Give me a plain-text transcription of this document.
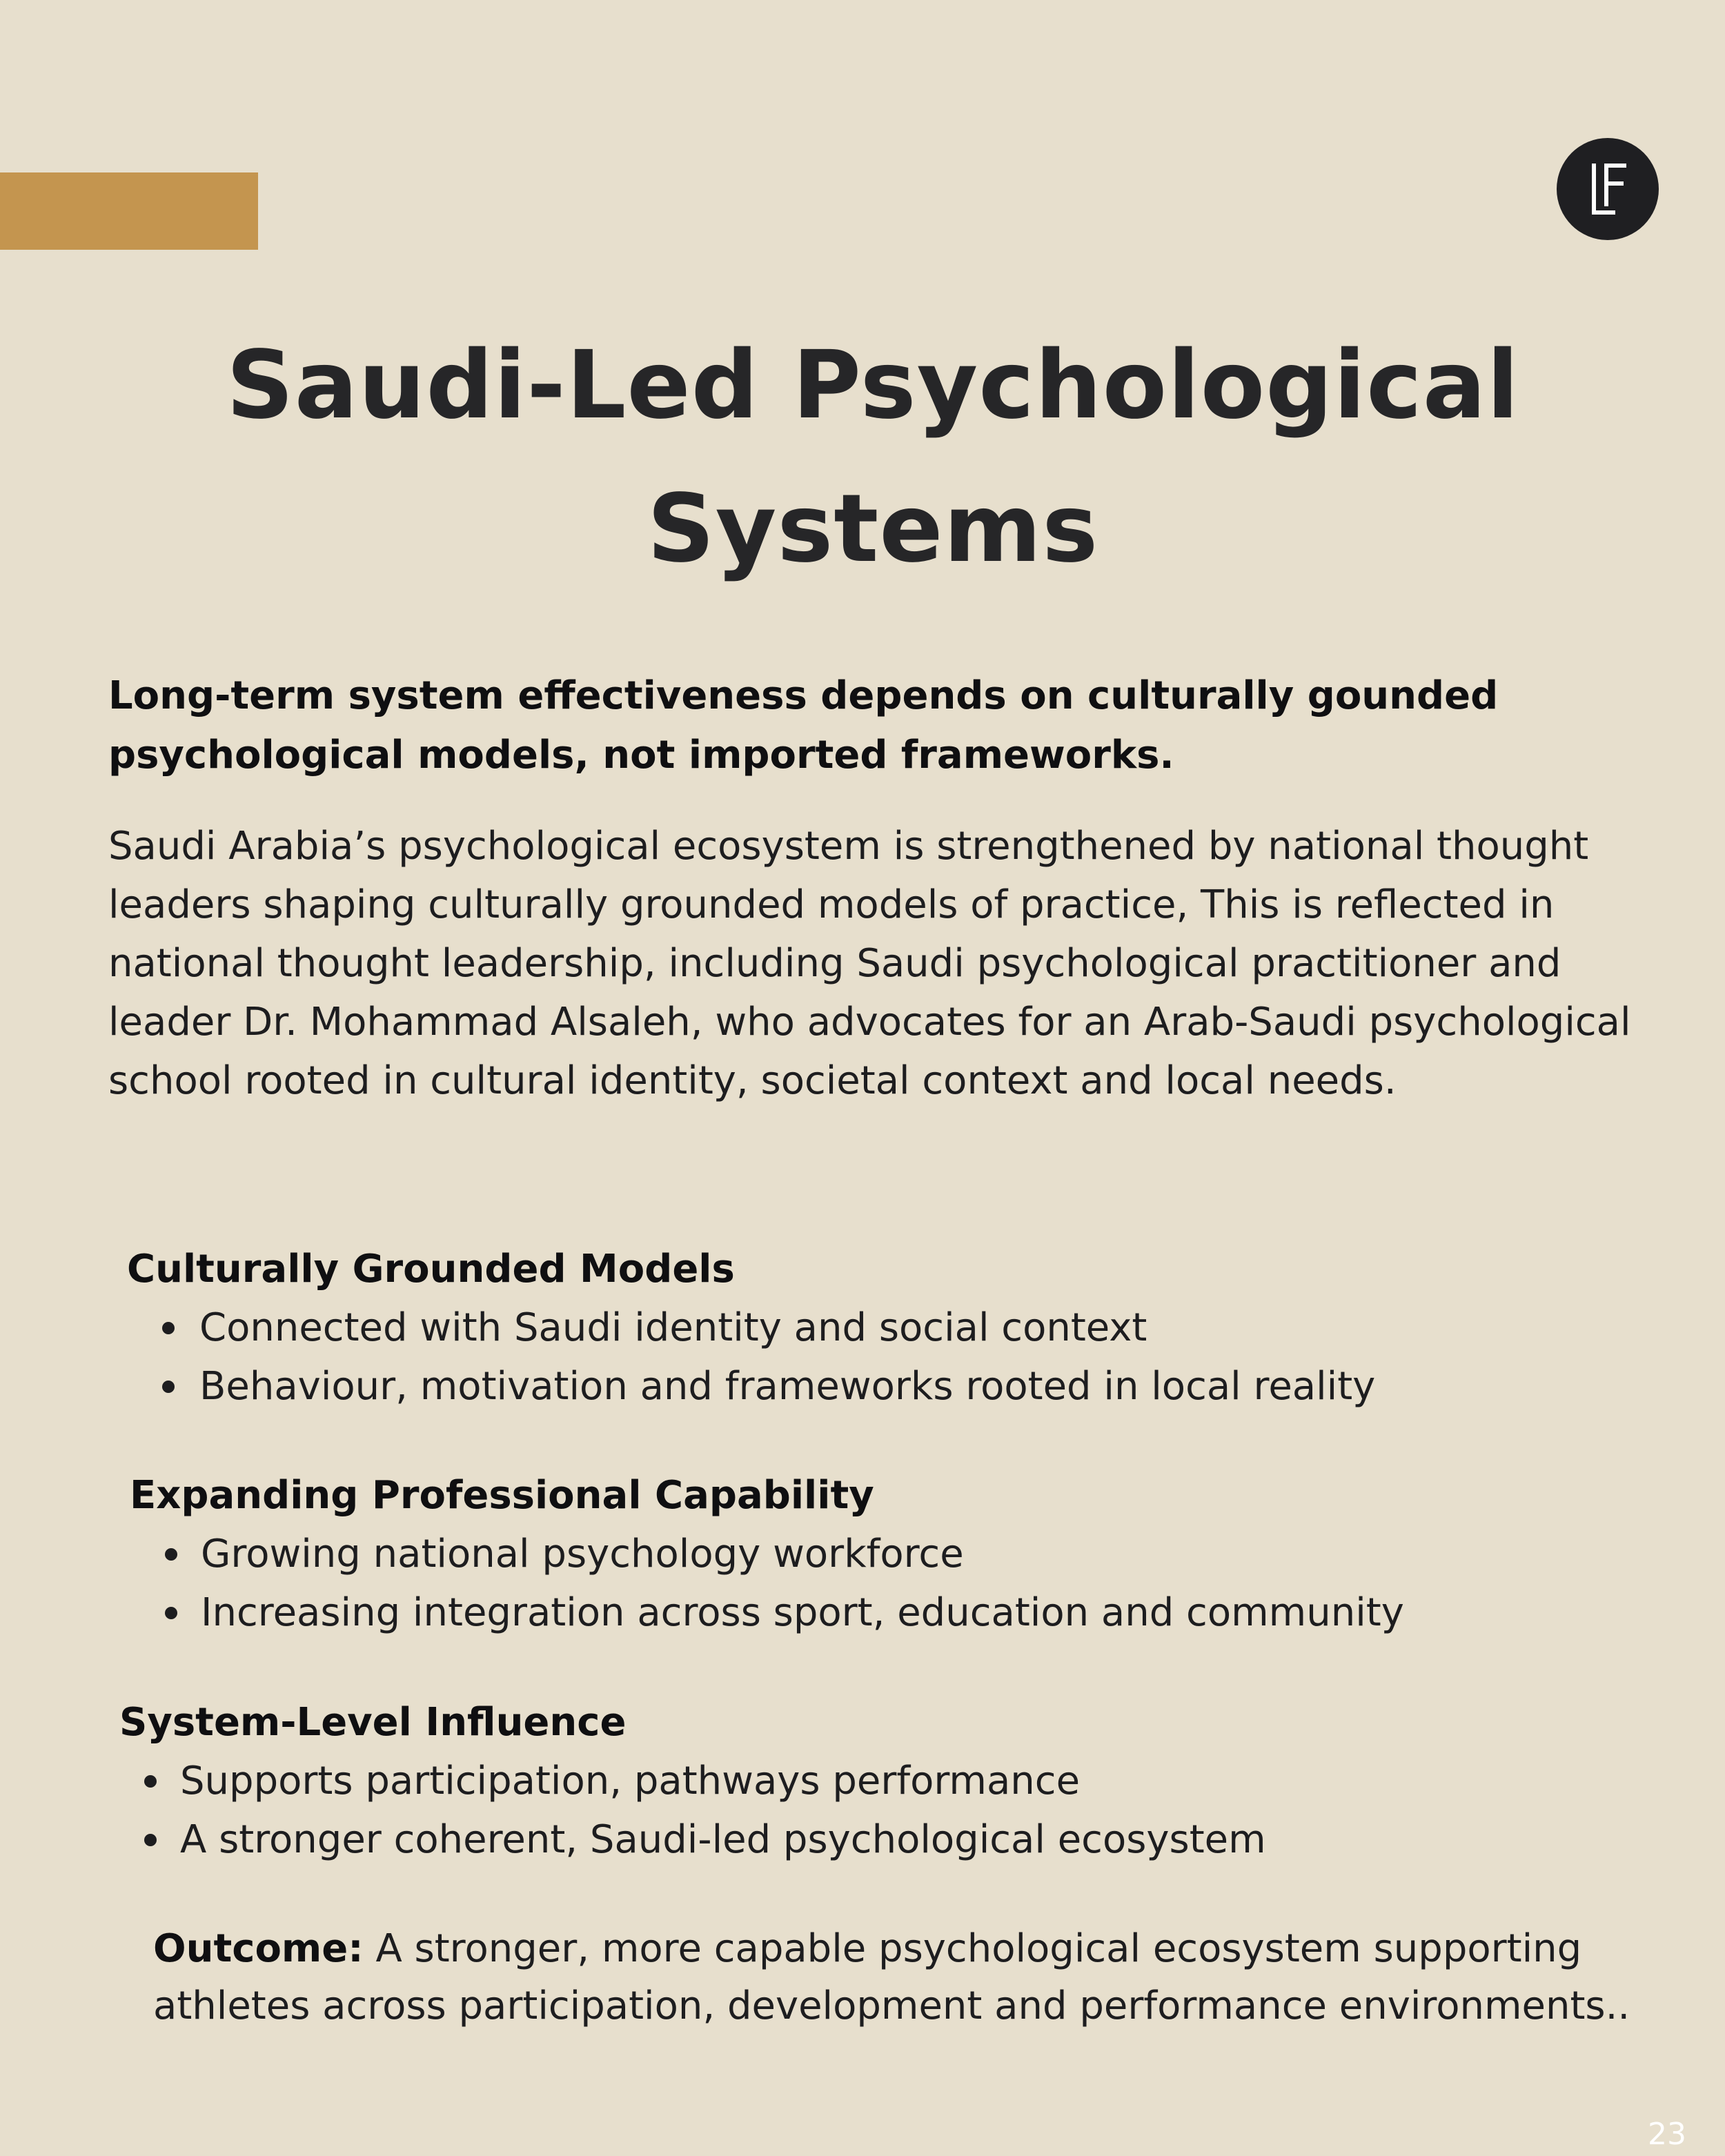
Saudi-Led Psychological Systems

Long-term system effectiveness depends on culturally gounded psychological models, not imported frameworks.

Saudi Arabia’s psychological ecosystem is strengthened by national thought leaders shaping culturally grounded models of practice, This is reflected in national thought leadership, including Saudi psychological practitioner and leader Dr. Mohammad Alsaleh, who advocates for an Arab-Saudi psychological school rooted in cultural identity, societal context and local needs.

Culturally Grounded Models
Connected with Saudi identity and social context
Behaviour, motivation and frameworks rooted in local reality
Expanding Professional Capability
Growing national psychology workforce
Increasing integration across sport, education and community
System-Level Influence
Supports participation, pathways performance
A stronger coherent, Saudi-led psychological ecosystem

Outcome: A stronger, more capable psychological ecosystem supporting athletes across participation, development and performance environments..

23
